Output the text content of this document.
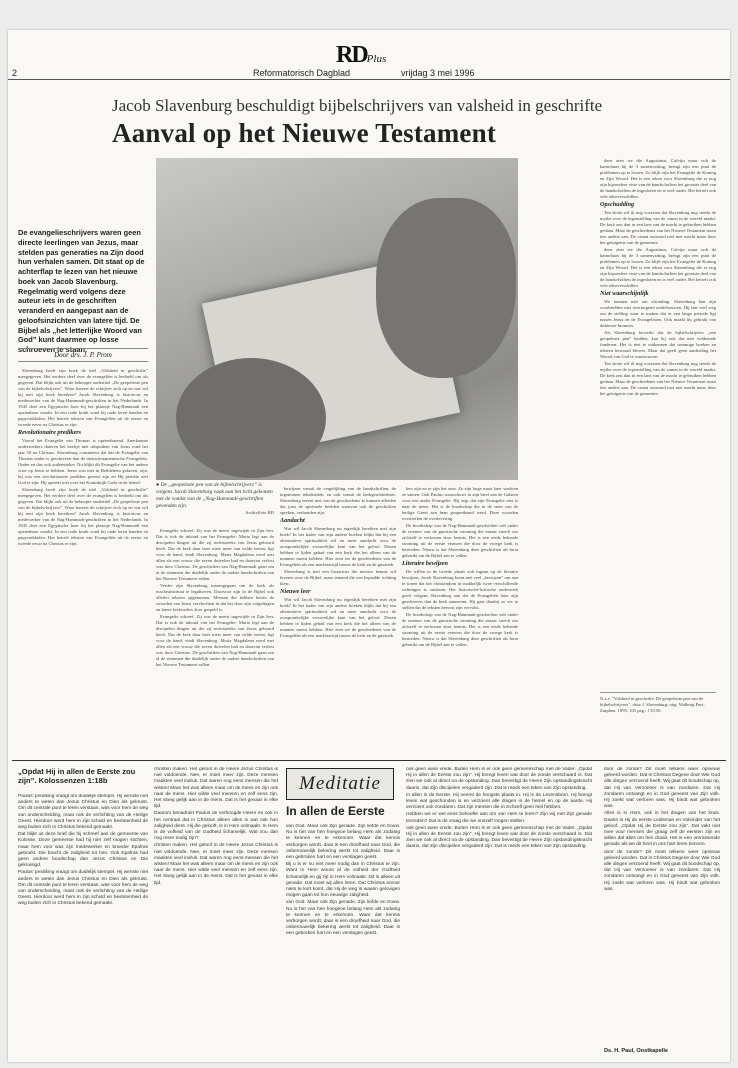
RDPlus
2	Reformatorisch Dagblad	vrijdag 3 mei 1996
Jacob Slavenburg beschuldigt bijbelschrijvers van valsheid in geschrifte
Aanval op het Nieuwe Testament
De evangelieschrijvers waren geen directe leerlingen van Jezus, maar stelden pas generaties na Zijn dood hun verhalen samen. Dit staat op de achterflap te lezen van het nieuwe boek van Jacob Slavenburg. Regelmatig werd volgens deze auteur iets in de geschriften veranderd en aangepast aan de geloofsinzichten van latere tijd. De Bijbel als „het letterlijke Woord van God” kunt daarmee op losse schroeven te staan.
Door drs. J. P. Prom

Slavenburg heeft zijn boek de titel „Valsheid in geschrifte” meegegeven. Het eerdere deel over de evangeliën is bedoeld om als gegeven. Dat blijkt ook uit de beknopte ondertitel „De geopeloste pen van de bijbelschrijvers”. Waar baseert de schrijver zich op en wat wil hij met zijn boek bereiken? Jacob Slavenburg is historicus en medewerker van de Nag-Hammadi-geschriften in het Nederlands. In 1945 doet een Egyptische boer bij het plaatsje Nag-Hammadi een opzienbare vondst. In een oude kruik vond hij oude leren banden en papyrusbladen. Het betreft teksten van Evangeliën uit de eerste en tweede eeuw na Christus er zijn.

Revolutionaire predikers

Vooral het Evangelie van Thomas is opzienbarend. Anerkannte onderzoekers dateren het boekje met uitspraken van Jezus rond het jaar 50 na Christus. Slavenburg constateert dat dat de Evangelie van Thomas ouder is geschreven dan de nieuwtestamentische Evangeliën. Onder en dus ook authentieker. Nu blijkt dit Evangelie van het andere visie op Jezus te hebben. Jezus was niet in Bethlehem geboren, zijn, hij was een revolutionaire prediker gewest zijn en Hij preekte niet God te zijn. Hij spreekt niet over het Koninkrijk Gods in de hemel.

Slavenburg heeft zijn boek de titel „Valsheid in geschrifte” meegegeven. Het eerdere deel over de evangeliën is bedoeld om als gegeven. Dat blijkt ook uit de beknopte ondertitel „De geopeloste pen van de bijbelschrijvers”. Waar baseert de schrijver zich op en wat wil hij met zijn boek bereiken? Jacob Slavenburg is historicus en medewerker van de Nag-Hammadi-geschriften in het Nederlands. In 1945 doet een Egyptische boer bij het plaatsje Nag-Hammadi een opzienbare vondst. In een oude kruik vond hij oude leren banden en papyrusbladen. Het betreft teksten van Evangeliën uit de eerste en tweede eeuw na Christus er zijn.

● De „geopeloste pen van de bijbelschrijvers” is volgens Jacob Slavenburg vaak aan het licht gekomen met de vondst van de „Nag-Hammadi-geschriften gevonden zijn.
Archieffoto RD

Evangelie schreef. Zij was de meest ingewijde in Zijn leer. Dat is ook de inhoud van het Evangelie: Maria legt aan de discipelen dingen uit die zij rechtstreeks van Jezus gehoord heeft. Dat de kerk daar later niets meer van wilde weten, ligt voor de hand, vindt Slavenburg. Maria Magdalena werd met allen als een vrouw die zeven duivelen had en daarvan verlost was door Christus. De geschriften van Nag-Hammadi gaan om al de stemmen die duidelijk onder de oudste handschriften van het Nieuwe Testament vallen.

Verder zijn Slavenburg tussengegaan om de kerk als machtsinstituut te legaliseren. Daarvoor zijn in de Bijbel ook allerlei teksten opgenomen. Mensen die hebben hierin de woorden van Jezus vervlochten in dat het door zijn volgelingen en latere kerkvaders door gespeld is.

Evangelie schreef. Zij was de meest ingewijde in Zijn leer. Dat is ook de inhoud van het Evangelie: Maria legt aan de discipelen dingen uit die zij rechtstreeks van Jezus gehoord heeft. Dat de kerk daar later niets meer van wilde weten, ligt voor de hand, vindt Slavenburg. Maria Magdalena werd met allen als een vrouw die zeven duivelen had en daarvan verlost was door Christus. De geschriften van Nag-Hammadi gaan om al de stemmen die duidelijk onder de oudste handschriften van het Nieuwe Testament vallen.

bewijzen vanuit de vergelijking van de handschriften, de ingenomen tekstkritiek, en ook vanuit de kerkgeschiedenis. Slavenburg meent niet van de geschiedenis te kunnen afleiden dat juist de spirituele beelden waarvan ook de geschriften spreken, verbonden zijn.

Aandacht

Wat wil Jacob Slavenburg nu eigenlijk bereiken met zijn boek? In het kader van zijn andere boeken blijkt dat hij een alternatieve spiritualiteit wil en meer aandacht voor de oorspronkelijke vrouwelijke kant van het geloof. Dezen hebben te lijden gehad van een kerk die het alleen van de mannen moest hebben. Hier zien we de geschiedenis van de Evangeliën als een machtsstrijd tussen de kerk en de gnostiek.

Slavenburg is niet een historicus die nieuwe kennis wil leveren over de Bijbel, maar iemand die een bepaalde richting kiest.

Nieuwe leer

Wat wil Jacob Slavenburg nu eigenlijk bereiken met zijn boek? In het kader van zijn andere boeken blijkt dat hij een alternatieve spiritualiteit wil en meer aandacht voor de oorspronkelijke vrouwelijke kant van het geloof. Dezen hebben te lijden gehad van een kerk die het alleen van de mannen moest hebben. Hier zien we de geschiedenis van de Evangeliën als een machtsstrijd tussen de kerk en de gnostiek.

ben zijn en te zijn het zien. Ze zijn hoge maar later werkten ze samen. Ook Paulus waarschuwt in zijn brief aan de Galaten voor een ander Evangelie. Hij zegt dat zijn Evangelie niet is naar de mens. Het is de boodschap die in de stem van de heilige Geest aan hem geopenbaard werd. Deze woorden overtreffen de overlevering.

De boodschap van de Nag-Hammadi-geschriften valt onder de noemer van de gnostische stroming die ernaar streeft om zichzelf te verlossen door kennis. Het is een reeds bekende stroming uit de eerste eeuwen die door de vroege kerk is bestreden. Nieuw is dat Slavenburg deze geschriften als bron gebruikt om de Bijbel aan te vallen.

Literaire bewijzen

De willen in de tweede plaats ook ingaan op de literaire bewijzen. Jacob Slavenburg komt met veel „bewijzen” om aan te tonen dat het christendom in makkelijk twee verschillende richtingen is ontstaan. Het historische-kritische onderzoek geeft volgens Slavenburg aan dat de Evangeliën later zijn geschreven dan de kerk aanneemt. Hij gaat daarbij zo ver te stellen dat de teksten bewust zijn vervalst.

De boodschap van de Nag-Hammadi-geschriften valt onder de noemer van de gnostische stroming die ernaar streeft om zichzelf te verlossen door kennis. Het is een reeds bekende stroming uit de eerste eeuwen die door de vroege kerk is bestreden. Nieuw is dat Slavenburg deze geschriften als bron gebruikt om de Bijbel aan te vallen.

dens zien we die Augustinus, Calvijn maar ook de kanselaars hij de 3 samenvatting, brengt zijn een punt de problemen op te lossen. Zo blijft zijn het Evangelie de Koning en Zijn Woord. Het is een teken voor Slavenburg die er nog zijn bijzondere visie van de handschriften het grootste deel van de handschriften de ingesloten en is veel ouder. Het betreft ook vele tekstverschillen.

Opschudding

Ten slotte wil ik nog voorzien dat Slavenburg nog steeds de mythe over de tegenstelling van de canon in de wereld maakt. De kerk zou dan in een lans van de macht te gebruiken hebben gedaan. Maar de geschiedenis van het Nieuwe Testament toont iets anders aan. De canon ontstond niet met macht maar door het getuigenis van de gemeente.

dens zien we die Augustinus, Calvijn maar ook de kanselaars hij de 3 samenvatting, brengt zijn een punt de problemen op te lossen. Zo blijft zijn het Evangelie de Koning en Zijn Woord. Het is een teken voor Slavenburg die er nog zijn bijzondere visie van de handschriften het grootste deel van de handschriften de ingesloten en is veel ouder. Het betreft ook vele tekstverschillen.

Niet waarschijnlijk

We kunnen niet om afronding. Slavenburg kan zijn voorbeelden niet overtuigend onderbouwen. Hij laat veel weg om de stelling waar te maken dat er een lange periode ligt tussen Jezus en de Evangelisten. Ook maakt hij gebruik van dubieuze bronnen.

Als Slavenburg bewerkt dat de bijbelschrijvers „een geopeloste pen” hadden, kan hij ook dat niet voldoende funderen. Het is niet te ontkennen dat sommige boeken en teksten bewaard bleven. Maar dat geeft geen aanleiding het Woord van God te wantrouwen.

Ten slotte wil ik nog voorzien dat Slavenburg nog steeds de mythe over de tegenstelling van de canon in de wereld maakt. De kerk zou dan in een lans van de macht te gebruiken hebben gedaan. Maar de geschiedenis van het Nieuwe Testament toont iets anders aan. De canon ontstond niet met macht maar door het getuigenis van de gemeente.

N.a.v. "Valsheid in geschrifte. De geopeloste pen van de bijbelschrijvers", door J. Slavenburg; uitg. Walburg Pers, Zutphen, 1995; 335 pag.; f 39,50.
„Opdat Hij in allen de Eerste zou zijn”. Kolossenzen 1:18b

Paulus’ prediking vraagt om duidelijk stempel. Hij wenste niet anders te weten dan Jezus Christus en Dien als gekruist. Om dit centrale punt te leren verstaan, was voor hem de weg van onderscheiding, maar ook de verlichting van de Heilige Geest. Hierdoor werd hem in zijn schuld en beslotenheid de weg buiten zich in Christus bekend gemaakt.

Dat blijkt uit deze brief die hij schreef aan de gemeente van Kolosse. Deze gemeente had hij niet zelf mogen stichten, maar hem voor was zijn medewerker en broeder Epafras gebruikt. Die bracht de zaligheid tot hen. Ook Epafras had geen andere boodschap dan Jezus Christus en Die gekruisigd.

Paulus’ prediking vraagt om duidelijk stempel. Hij wenste niet anders te weten dan Jezus Christus en Dien als gekruist. Om dit centrale punt te leren verstaan, was voor hem de weg van onderscheiding, maar ook de verlichting van de Heilige Geest. Hierdoor werd hem in zijn schuld en beslotenheid de weg buiten zich in Christus bekend gemaakt.

christen maken. Het geloof in de Heere Jezus Christus is niet voldoende. Nee, er moet meer zijn. Deze mensen maakten veel indruk. Dat waren nog eens mensen die het wisten! Maar het was alleen maar om de mens en zijn ook naar de mens. Hier wilde veel mensen en zelf eens zijn. Het sloeg gelijk aan in de mens. Dat is het gevaar in elke tijd.

Daarom benadrukt Paulus de verhoogde Heere en ook in het centraal dat in Christus alleen alles is wat ook hun zaligheid dient. Hij die gelooft, is in Hem volmaakt. In Hem is de volheid van de Godheid lichamelijk. Wat zou dan nog meer nodig zijn?

christen maken. Het geloof in de Heere Jezus Christus is niet voldoende. Nee, er moet meer zijn. Deze mensen maakten veel indruk. Dat waren nog eens mensen die het wisten! Maar het was alleen maar om de mens en zijn ook naar de mens. Hier wilde veel mensen en zelf eens zijn. Het sloeg gelijk aan in de mens. Dat is het gevaar in elke tijd.

Meditatie
In allen de Eerste

van God. Maar ook Zijn genade. Zijn liefde en trouw. Nu is het van hen hoegeoe belang Hem als zodanig te kennen en te erkennen. Waar dat kennis verborgen wordt, daar is een droefheid naar God, die onberouwelijk bekering werkt tot zaligheid. Daar is een gebroken hart en een verslagen geest.

Bij u is er nu niet meer nodig dan in Christus te zijn. Want in Hem woont al de volheid der Godheid lichamelijk en gij zijt in Hem volmaakt. Dit is alleen uit genade. Dat moet wij allen leren. Dat Christus ervoor niets te kort komt, dat Hij de weg is waarin gelovigen mogen gaan tot hun eeuwige zaligheid.

van God. Maar ook Zijn genade. Zijn liefde en trouw. Nu is het van hen hoegeoe belang Hem als zodanig te kennen en te erkennen. Waar dat kennis verborgen wordt, daar is een droefheid naar God, die onberouwelijk bekering werkt tot zaligheid. Daar is een gebroken hart en een verslagen geest.

ook geen ware vrede. Buiten Hem is er ook geen gemeenschap met de Vader. „Opdat Hij in allen de Eerste zou zijn”. Hij brengt leven wat door de zonde verschaard is. Dat zien we ook al direct na de opstanding. Dan bevestigt de Heere Zijn opstandingskracht daarin, dat Zijn discipelen vergaderd zijn. Dat is reeds een teken van Zijn opstanding.

In allen is de Eerste. Hij neemt de hoogste plaats in. Hij is de Levensbron. Hij brengt leven wat geschonden is en verzoent alle dingen in de hemel en op de aarde. Hij verzoent ook zondaren. Dat zijn mensen die in zichzelf geen heil hebben.

Hebben we er wel eens behoefte aan om van Hem te leren? Zijn wij met Zijn genade tevreden? Dat is de vraag die we onszelf mogen stellen.

ook geen ware vrede. Buiten Hem is er ook geen gemeenschap met de Vader. „Opdat Hij in allen de Eerste zou zijn”. Hij brengt leven wat door de zonde verschaard is. Dat zien we ook al direct na de opstanding. Dan bevestigt de Heere Zijn opstandingskracht daarin, dat Zijn discipelen vergaderd zijn. Dat is reeds een teken van Zijn opstanding.

door de zonde? Dit moet telkens weer opnieuw geleerd worden. Dat is Christus Degene door Wie God alle dingen verzoend heeft. Wij gaat dit boodschap op, dat Hij van Verzoener is van zondaren. Dat Hij zondaren ontvangt en in God geneest van Zijn volk. Hij zoekt wat verloren was. Hij bindt wat gebroken was.

Alles is in Hem, ook in het dragen van het kruis. Daarin is Hij de eerste Leidsman en Voleinder van het geloof. „Opdat Hij de Eerste zou zijn”. Dat vakt niet mee voor mensen die graag zelf de eersten zijn en willen dat alles om hen draait. Het is een verrassende genade als we dit heel in ons hart leren kennen.

door de zonde? Dit moet telkens weer opnieuw geleerd worden. Dat is Christus Degene door Wie God alle dingen verzoend heeft. Wij gaat dit boodschap op, dat Hij van Verzoener is van zondaren. Dat Hij zondaren ontvangt en in God geneest van Zijn volk. Hij zoekt wat verloren was. Hij bindt wat gebroken was.

Ds. H. Paul, Oostkapelle
